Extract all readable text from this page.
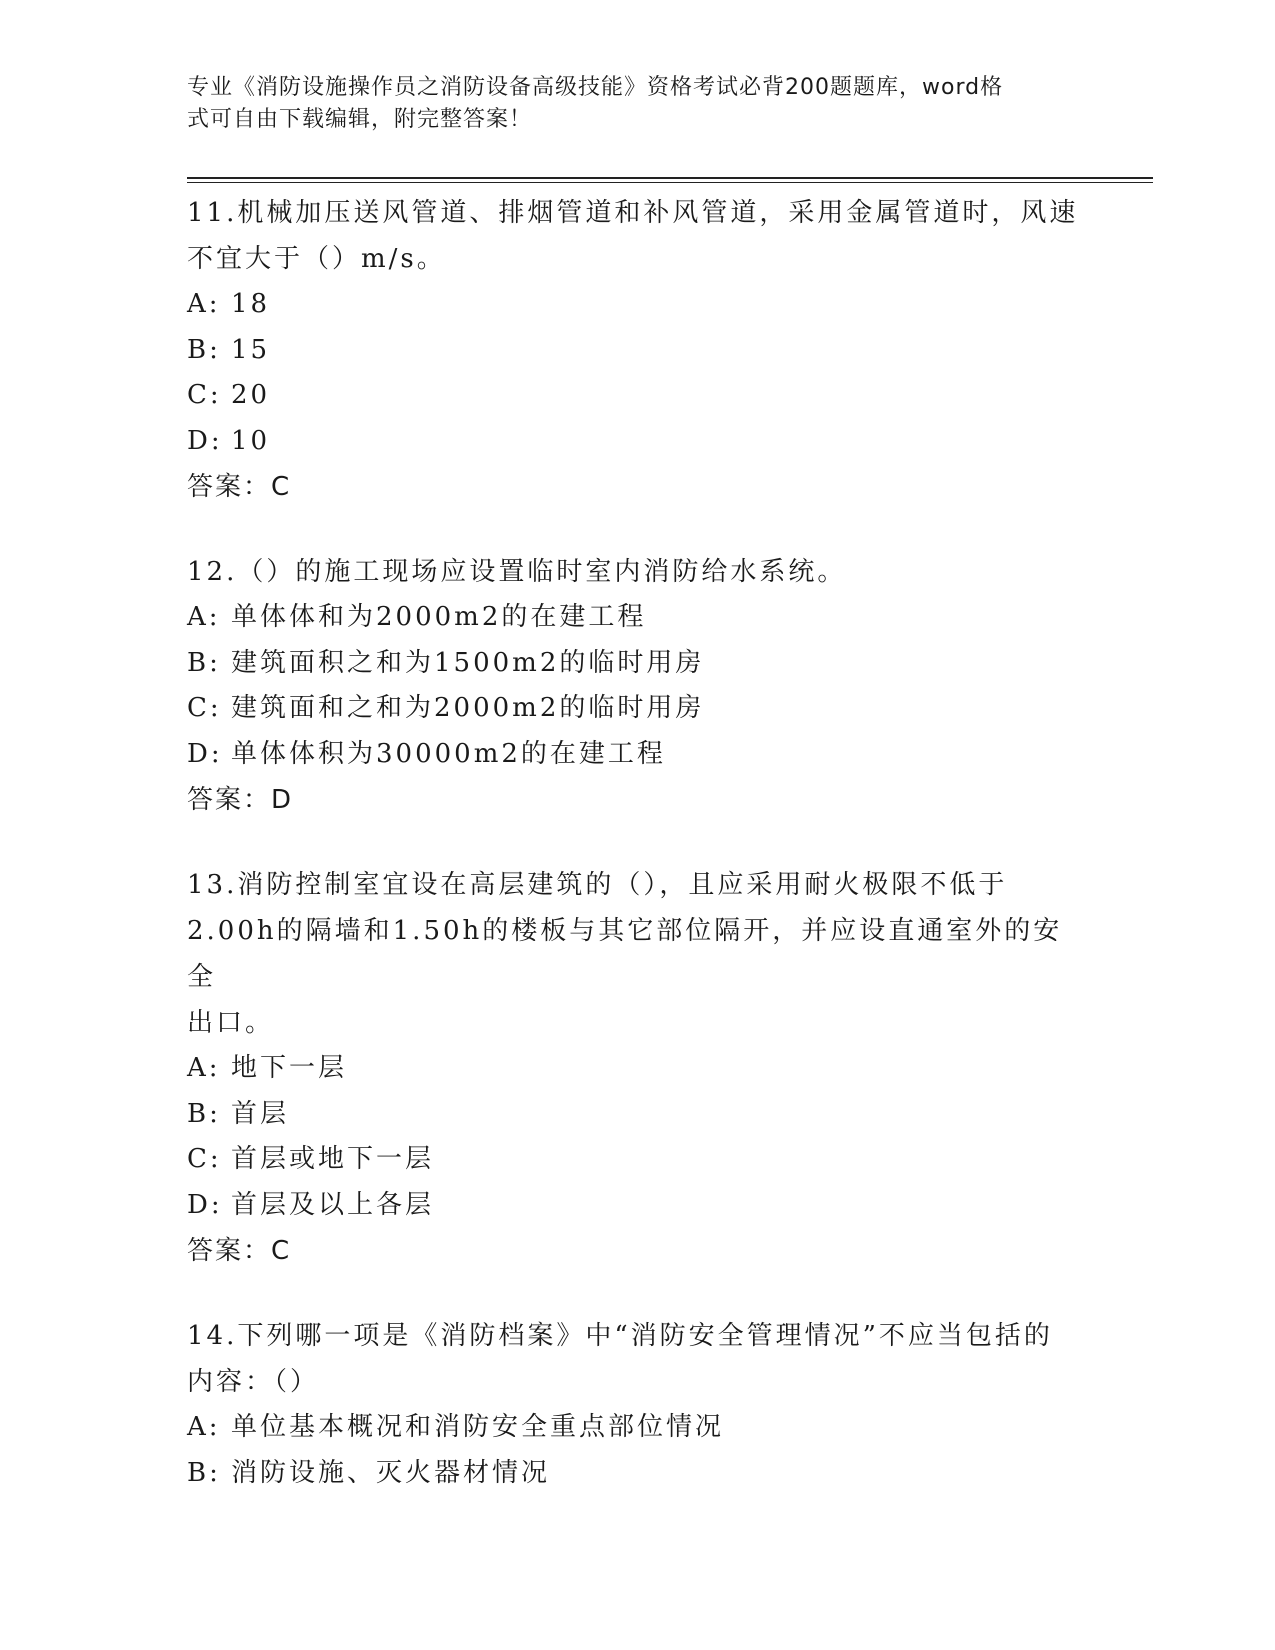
专业《消防设施操作员之消防设备高级技能》资格考试必背200题题库，word格
式可自由下载编辑，附完整答案！
11.机械加压送风管道、排烟管道和补风管道，采用金属管道时，风速
不宜大于（）m/s。
A: 18
B: 15
C: 20
D: 10
答案：C
12.（）的施工现场应设置临时室内消防给水系统。
A: 单体体和为2000m2的在建工程
B: 建筑面积之和为1500m2的临时用房
C: 建筑面和之和为2000m2的临时用房
D: 单体体积为30000m2的在建工程
答案：D
13.消防控制室宜设在高层建筑的（），且应采用耐火极限不低于
2.00h的隔墙和1.50h的楼板与其它部位隔开，并应设直通室外的安全
出口。
A: 地下一层
B: 首层
C: 首层或地下一层
D: 首层及以上各层
答案：C
14.下列哪一项是《消防档案》中“消防安全管理情况”不应当包括的
内容：（）
A: 单位基本概况和消防安全重点部位情况
B: 消防设施、灭火器材情况
